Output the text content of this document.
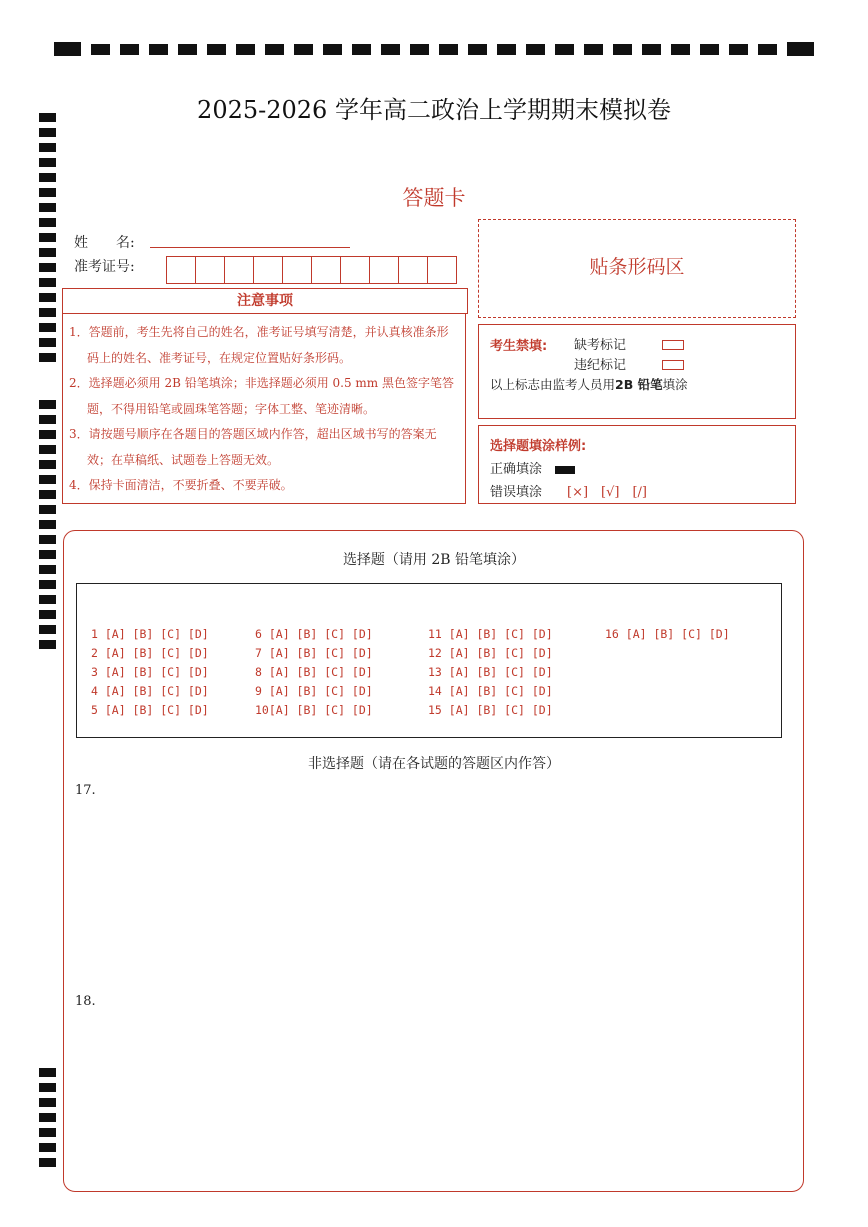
2025-2026 学年高二政治上学期期末模拟卷
答题卡
姓　　名:
准考证号:
注意事项

1．答题前，考生先将自己的姓名，准考证号填写清楚，并认真核准条形码上的姓名、准考证号，在规定位置贴好条形码。

2．选择题必须用 2B 铅笔填涂；非选择题必须用 0.5 mm 黑色签字笔答题，不得用铅笔或圆珠笔答题；字体工整、笔迹清晰。

3．请按题号顺序在各题目的答题区域内作答，超出区域书写的答案无效；在草稿纸、试题卷上答题无效。

4．保持卡面清洁，不要折叠、不要弄破。

贴条形码区
考生禁填: 缺考标记
违纪标记
以上标志由监考人员用2B 铅笔填涂
选择题填涂样例:
正确填涂
错误填涂 [×]　[√]　[/]
选择题（请用 2B 铅笔填涂）
1 [A] [B] [C] [D]
2 [A] [B] [C] [D]
3 [A] [B] [C] [D]
4 [A] [B] [C] [D]
5 [A] [B] [C] [D]
6 [A] [B] [C] [D]
7 [A] [B] [C] [D]
8 [A] [B] [C] [D]
9 [A] [B] [C] [D]
10[A] [B] [C] [D]
11 [A] [B] [C] [D]
12 [A] [B] [C] [D]
13 [A] [B] [C] [D]
14 [A] [B] [C] [D]
15 [A] [B] [C] [D]
16 [A] [B] [C] [D]
非选择题（请在各试题的答题区内作答）
17.
18.
